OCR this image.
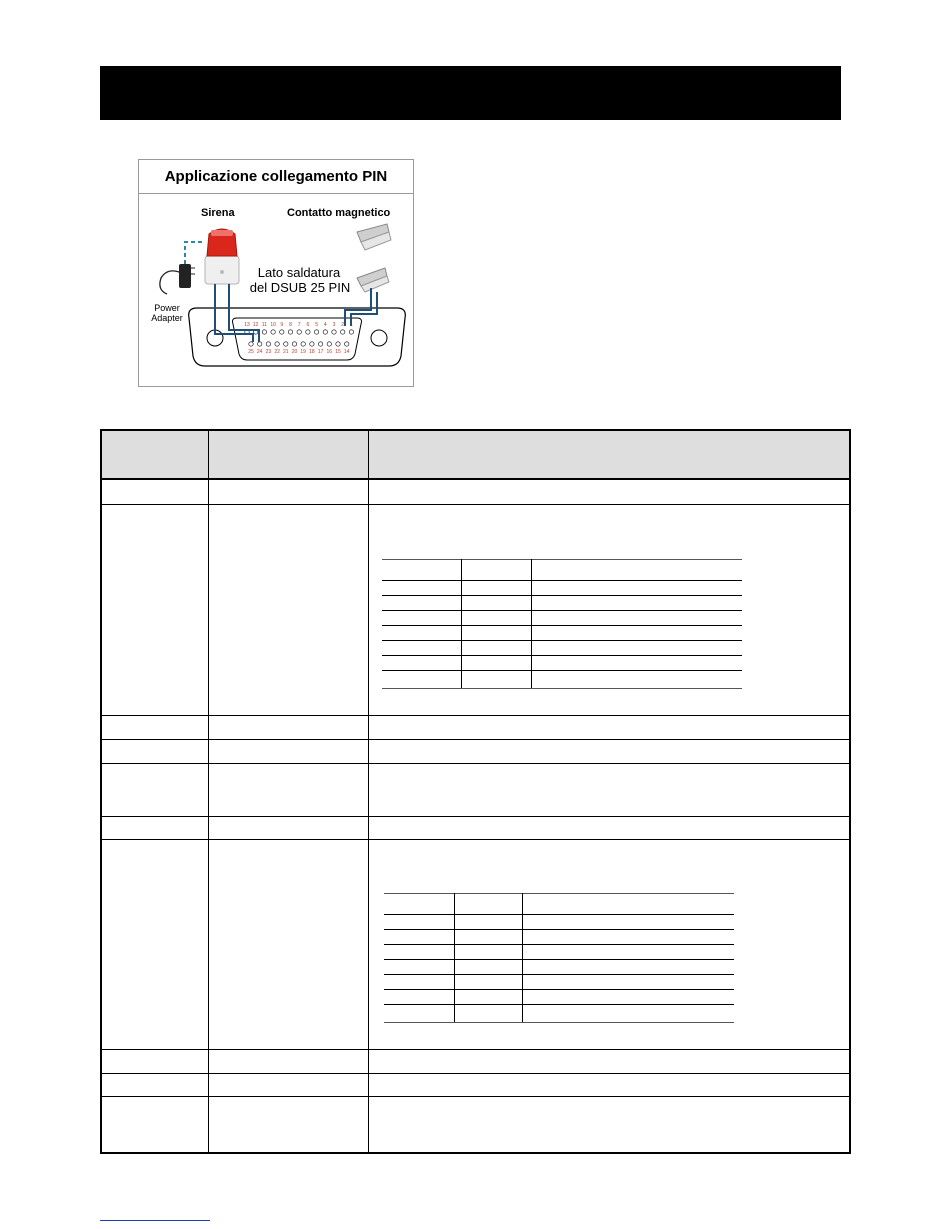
Applicazione collegamento PIN
Sirena	Contatto magnetico
Lato saldatura
del DSUB 25 PIN
Power
Adapter
13 12 11 10 9 8 7 6 5 4 3 2 1
25 24 23 22 21 20 19 18 17 16 15 14
